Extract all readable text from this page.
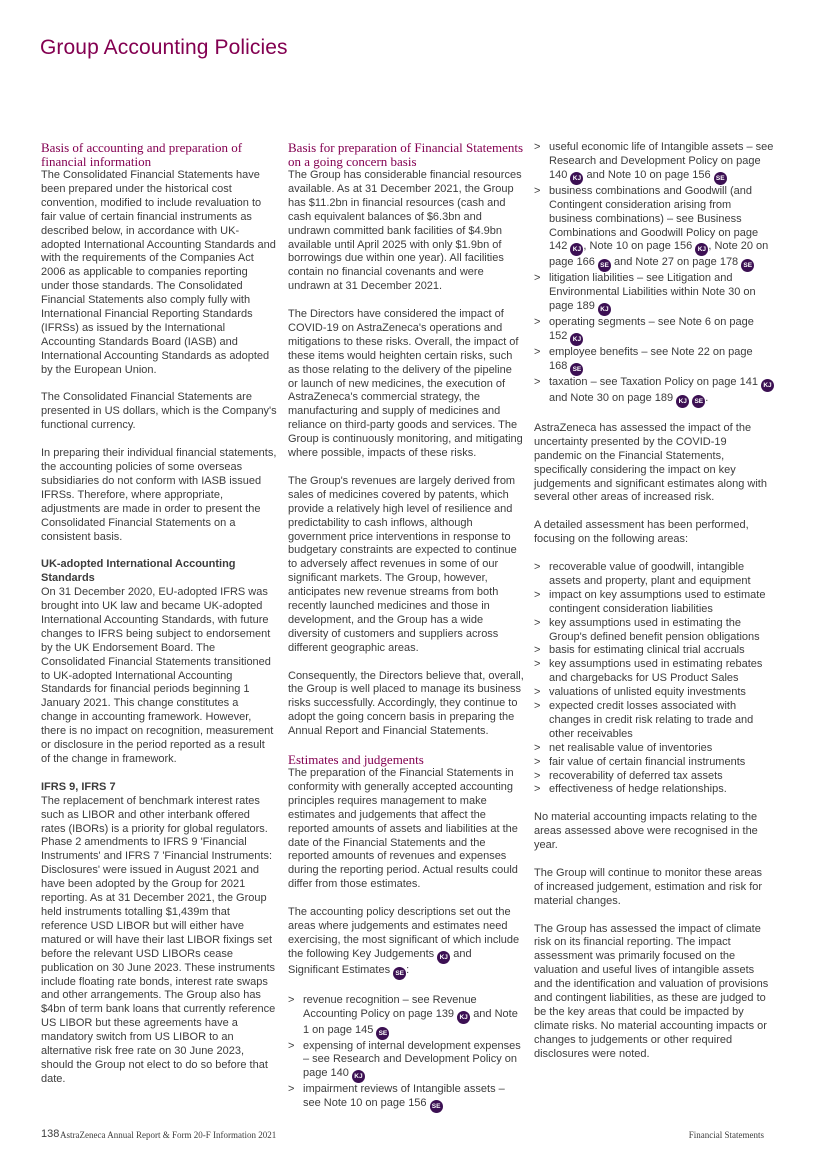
Group Accounting Policies
Basis of accounting and preparation of financial information

The Consolidated Financial Statements have been prepared under the historical cost convention, modified to include revaluation to fair value of certain financial instruments as described below, in accordance with UK-adopted International Accounting Standards and with the requirements of the Companies Act 2006 as applicable to companies reporting under those standards. The Consolidated Financial Statements also comply fully with International Financial Reporting Standards (IFRSs) as issued by the International Accounting Standards Board (IASB) and International Accounting Standards as adopted by the European Union.

The Consolidated Financial Statements are presented in US dollars, which is the Company's functional currency.

In preparing their individual financial statements, the accounting policies of some overseas subsidiaries do not conform with IASB issued IFRSs. Therefore, where appropriate, adjustments are made in order to present the Consolidated Financial Statements on a consistent basis.

UK-adopted International Accounting Standards

On 31 December 2020, EU-adopted IFRS was brought into UK law and became UK-adopted International Accounting Standards, with future changes to IFRS being subject to endorsement by the UK Endorsement Board. The Consolidated Financial Statements transitioned to UK-adopted International Accounting Standards for financial periods beginning 1 January 2021. This change constitutes a change in accounting framework. However, there is no impact on recognition, measurement or disclosure in the period reported as a result of the change in framework.

IFRS 9, IFRS 7

The replacement of benchmark interest rates such as LIBOR and other interbank offered rates (IBORs) is a priority for global regulators. Phase 2 amendments to IFRS 9 'Financial Instruments' and IFRS 7 'Financial Instruments: Disclosures' were issued in August 2021 and have been adopted by the Group for 2021 reporting. As at 31 December 2021, the Group held instruments totalling $1,439m that reference USD LIBOR but will either have matured or will have their last LIBOR fixings set before the relevant USD LIBORs cease publication on 30 June 2023. These instruments include floating rate bonds, interest rate swaps and other arrangements. The Group also has $4bn of term bank loans that currently reference US LIBOR but these agreements have a mandatory switch from US LIBOR to an alternative risk free rate on 30 June 2023, should the Group not elect to do so before that date.

Basis for preparation of Financial Statements on a going concern basis

The Group has considerable financial resources available. As at 31 December 2021, the Group has $11.2bn in financial resources (cash and cash equivalent balances of $6.3bn and undrawn committed bank facilities of $4.9bn available until April 2025 with only $1.9bn of borrowings due within one year). All facilities contain no financial covenants and were undrawn at 31 December 2021.

The Directors have considered the impact of COVID-19 on AstraZeneca's operations and mitigations to these risks. Overall, the impact of these items would heighten certain risks, such as those relating to the delivery of the pipeline or launch of new medicines, the execution of AstraZeneca's commercial strategy, the manufacturing and supply of medicines and reliance on third-party goods and services. The Group is continuously monitoring, and mitigating where possible, impacts of these risks.

The Group's revenues are largely derived from sales of medicines covered by patents, which provide a relatively high level of resilience and predictability to cash inflows, although government price interventions in response to budgetary constraints are expected to continue to adversely affect revenues in some of our significant markets. The Group, however, anticipates new revenue streams from both recently launched medicines and those in development, and the Group has a wide diversity of customers and suppliers across different geographic areas.

Consequently, the Directors believe that, overall, the Group is well placed to manage its business risks successfully. Accordingly, they continue to adopt the going concern basis in preparing the Annual Report and Financial Statements.

Estimates and judgements

The preparation of the Financial Statements in conformity with generally accepted accounting principles requires management to make estimates and judgements that affect the reported amounts of assets and liabilities at the date of the Financial Statements and the reported amounts of revenues and expenses during the reporting period. Actual results could differ from those estimates.

The accounting policy descriptions set out the areas where judgements and estimates need exercising, the most significant of which include the following Key Judgements KJ and Significant Estimates SE :

> revenue recognition – see Revenue Accounting Policy on page 139 KJ and Note 1 on page 145 SE
> expensing of internal development expenses – see Research and Development Policy on page 140 KJ
> impairment reviews of Intangible assets – see Note 10 on page 156 SE
> useful economic life of Intangible assets – see Research and Development Policy on page 140 KJ and Note 10 on page 156 SE
> business combinations and Goodwill (and Contingent consideration arising from business combinations) – see Business Combinations and Goodwill Policy on page 142 KJ , Note 10 on page 156 KJ , Note 20 on page 166 SE and Note 27 on page 178 SE
> litigation liabilities – see Litigation and Environmental Liabilities within Note 30 on page 189 KJ
> operating segments – see Note 6 on page 152 KJ
> employee benefits – see Note 22 on page 168 SE
> taxation – see Taxation Policy on page 141 KJ and Note 30 on page 189 KJ SE .

AstraZeneca has assessed the impact of the uncertainty presented by the COVID-19 pandemic on the Financial Statements, specifically considering the impact on key judgements and significant estimates along with several other areas of increased risk.

A detailed assessment has been performed, focusing on the following areas:

> recoverable value of goodwill, intangible assets and property, plant and equipment
> impact on key assumptions used to estimate contingent consideration liabilities
> key assumptions used in estimating the Group's defined benefit pension obligations
> basis for estimating clinical trial accruals
> key assumptions used in estimating rebates and chargebacks for US Product Sales
> valuations of unlisted equity investments
> expected credit losses associated with changes in credit risk relating to trade and other receivables
> net realisable value of inventories
> fair value of certain financial instruments
> recoverability of deferred tax assets
> effectiveness of hedge relationships.

No material accounting impacts relating to the areas assessed above were recognised in the year.

The Group will continue to monitor these areas of increased judgement, estimation and risk for material changes.

The Group has assessed the impact of climate risk on its financial reporting. The impact assessment was primarily focused on the valuation and useful lives of intangible assets and the identification and valuation of provisions and contingent liabilities, as these are judged to be the key areas that could be impacted by climate risks. No material accounting impacts or changes to judgements or other required disclosures were noted.

138 AstraZeneca Annual Report & Form 20-F Information 2021	Financial Statements
